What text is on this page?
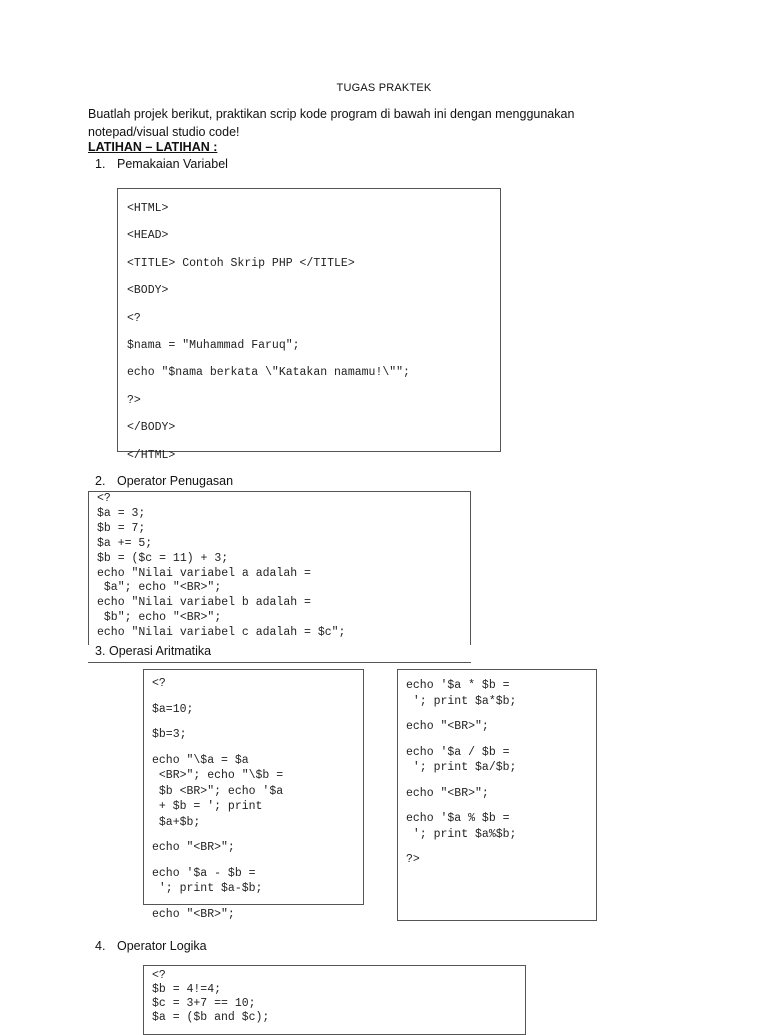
TUGAS PRAKTEK
Buatlah projek berikut, praktikan scrip kode program di bawah ini dengan menggunakan notepad/visual studio code!
LATIHAN – LATIHAN :
1. Pemakaian Variabel
<HTML>
<HEAD>
<TITLE> Contoh Skrip PHP </TITLE>
<BODY>
<?
$nama = "Muhammad Faruq";
echo "$nama berkata \"Katakan namamu!\"";
?>
</BODY>
</HTML>
2. Operator Penugasan
<?
$a = 3;
$b = 7;
$a += 5;
$b = ($c = 11) + 3;
echo "Nilai variabel a adalah =
$a"; echo "<BR>";
echo "Nilai variabel b adalah =
$b"; echo "<BR>";
echo "Nilai variabel c adalah = $c";
3. Operasi Aritmatika
<?
$a=10;
$b=3;
echo "\$a = $a
<BR>"; echo "\$b =
$b <BR>"; echo '$a
+ $b = '; print
$a+$b;
echo "<BR>";
echo '$a - $b =
'; print $a-$b;
echo "<BR>";
echo '$a * $b =
'; print $a*$b;
echo "<BR>";
echo '$a / $b =
'; print $a/$b;
echo "<BR>";
echo '$a % $b =
'; print $a%$b;
?>
4. Operator Logika
<?
$b = 4!=4;
$c = 3+7 == 10;
$a = ($b and $c);
